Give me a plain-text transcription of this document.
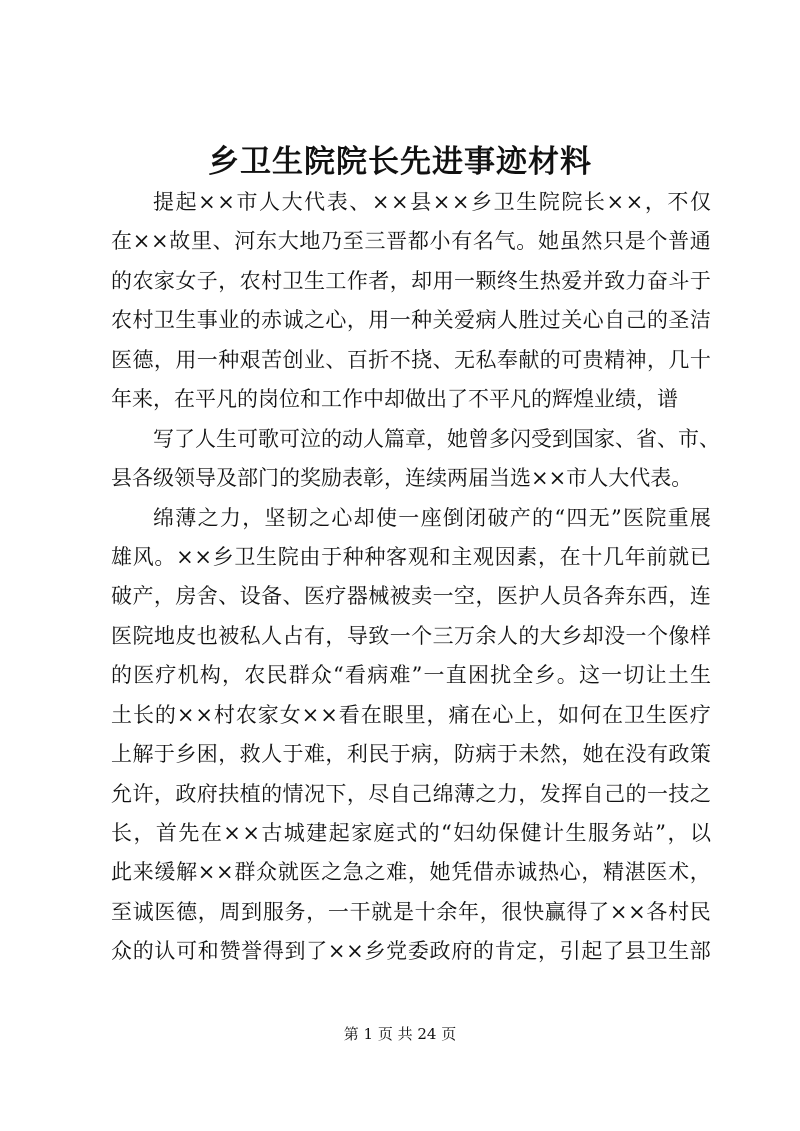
乡卫生院院长先进事迹材料
提 起 × × 市 人 大 代 表 、 × × 县 × × 乡 卫 生 院 院 长 × × ， 不 仅
在 × × 故 里 、 河 东 大 地 乃 至 三 晋 都 小 有 名 气 。 她 虽 然 只 是 个 普 通
的 农 家 女 子 ， 农 村 卫 生 工 作 者 ， 却 用 一 颗 终 生 热 爱 并 致 力 奋 斗 于
农 村 卫 生 事 业 的 赤 诚 之 心 ， 用 一 种 关 爱 病 人 胜 过 关 心 自 己 的 圣 洁
医 德 ， 用 一 种 艰 苦 创 业 、 百 折 不 挠 、 无 私 奉 献 的 可 贵 精 神 ， 几 十
年来，在平凡的岗位和工作中却做出了不平凡的辉煌业绩，谱
写 了 人 生 可 歌 可 泣 的 动 人 篇 章 ， 她 曾 多 闪 受 到 国 家 、 省 、 市 、
县各级领导及部门的奖励表彰，连续两届当选××市人大代表。
绵 薄 之 力 ， 坚 韧 之 心 却 使 一 座 倒 闭 破 产 的 “ 四 无 ” 医 院 重 展
雄 风 。 × × 乡 卫 生 院 由 于 种 种 客 观 和 主 观 因 素 ， 在 十 几 年 前 就 已
破 产 ， 房 舍 、 设 备 、 医 疗 器 械 被 卖 一 空 ， 医 护 人 员 各 奔 东 西 ， 连
医 院 地 皮 也 被 私 人 占 有 ， 导 致 一 个 三 万 余 人 的 大 乡 却 没 一 个 像 样
的 医 疗 机 构 ， 农 民 群 众 “ 看 病 难 ” 一 直 困 扰 全 乡 。 这 一 切 让 土 生
土 长 的 × × 村 农 家 女 × × 看 在 眼 里 ， 痛 在 心 上 ， 如 何 在 卫 生 医 疗
上 解 于 乡 困 ， 救 人 于 难 ， 利 民 于 病 ， 防 病 于 未 然 ， 她 在 没 有 政 策
允 许 ， 政 府 扶 植 的 情 况 下 ， 尽 自 己 绵 薄 之 力 ， 发 挥 自 己 的 一 技 之
长 ， 首 先 在 × × 古 城 建 起 家 庭 式 的 “ 妇 幼 保 健 计 生 服 务 站 ” ， 以
此 来 缓 解 × × 群 众 就 医 之 急 之 难 ， 她 凭 借 赤 诚 热 心 ， 精 湛 医 术 ，
至 诚 医 德 ， 周 到 服 务 ， 一 干 就 是 十 余 年 ， 很 快 赢 得 了 × × 各 村 民
众 的 认 可 和 赞 誉 得 到 了 × × 乡 党 委 政 府 的 肯 定 ， 引 起 了 县 卫 生 部
第 1 页 共 24 页
